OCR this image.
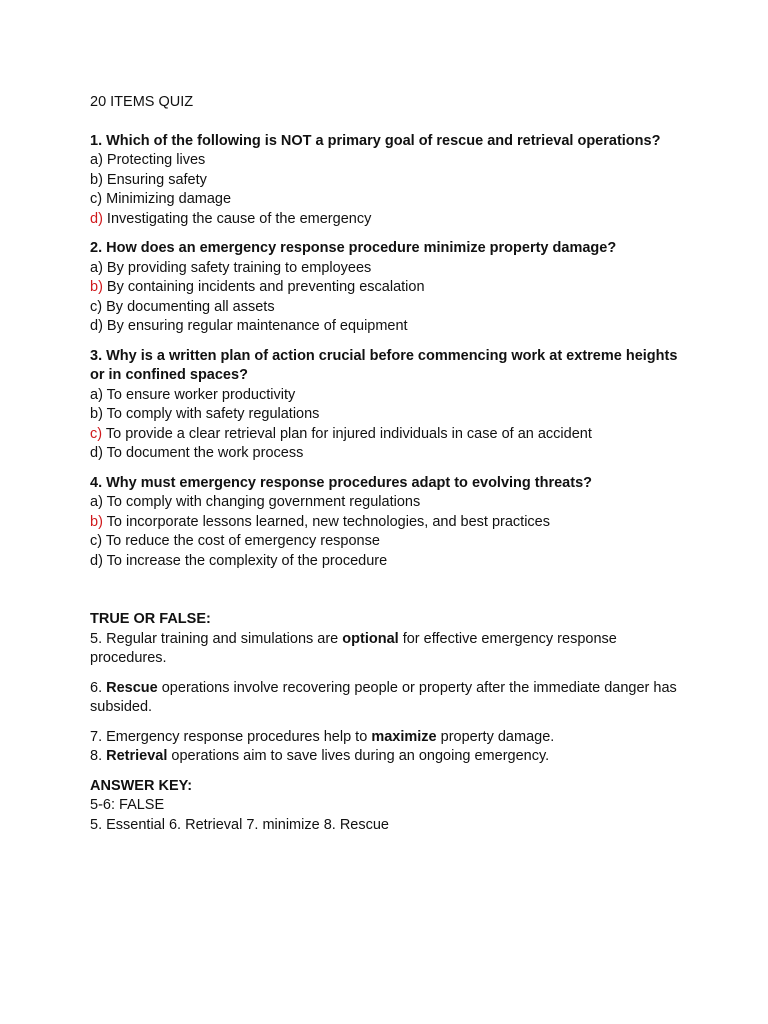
20 ITEMS QUIZ
1. Which of the following is NOT a primary goal of rescue and retrieval operations?
a) Protecting lives
b) Ensuring safety
c) Minimizing damage
d) Investigating the cause of the emergency
2. How does an emergency response procedure minimize property damage?
a) By providing safety training to employees
b) By containing incidents and preventing escalation
c) By documenting all assets
d) By ensuring regular maintenance of equipment
3. Why is a written plan of action crucial before commencing work at extreme heights or in confined spaces?
a) To ensure worker productivity
b) To comply with safety regulations
c) To provide a clear retrieval plan for injured individuals in case of an accident
d) To document the work process
4. Why must emergency response procedures adapt to evolving threats?
a) To comply with changing government regulations
b) To incorporate lessons learned, new technologies, and best practices
c) To reduce the cost of emergency response
d) To increase the complexity of the procedure
TRUE OR FALSE:
5. Regular training and simulations are optional for effective emergency response procedures.
6. Rescue operations involve recovering people or property after the immediate danger has subsided.
7. Emergency response procedures help to maximize property damage.
8. Retrieval operations aim to save lives during an ongoing emergency.
ANSWER KEY:
5-6: FALSE
5. Essential 6. Retrieval 7. minimize 8. Rescue
